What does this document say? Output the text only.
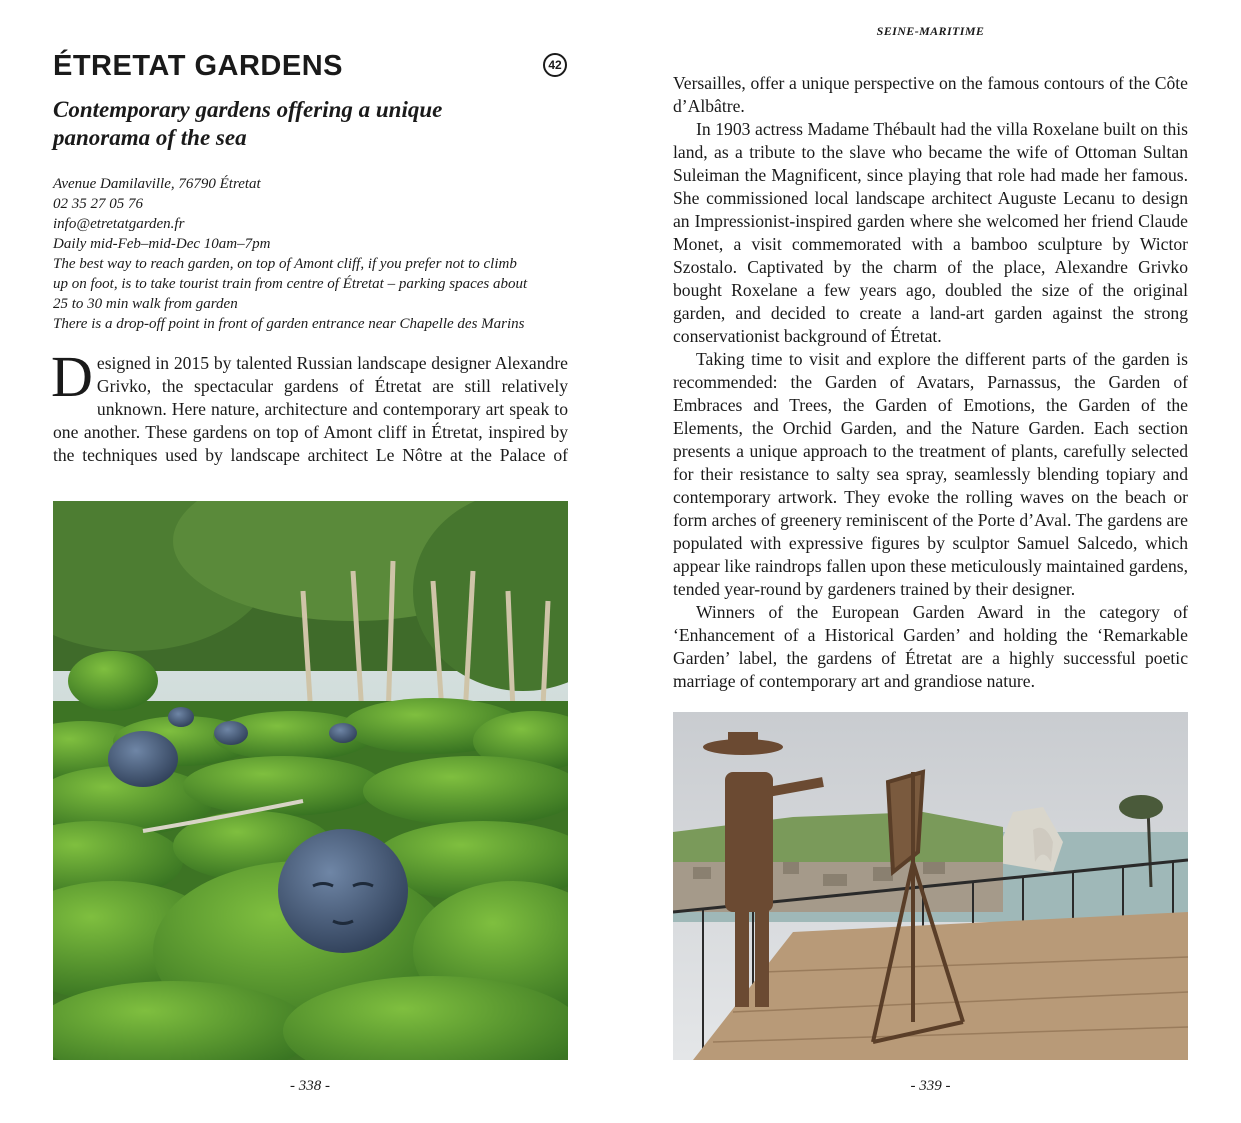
ÉTRETAT GARDENS	42
Contemporary gardens offering a unique panorama of the sea
Avenue Damilaville, 76790 Étretat
02 35 27 05 76
info@etretatgarden.fr
Daily mid-Feb–mid-Dec 10am–7pm
The best way to reach garden, on top of Amont cliff, if you prefer not to climb
up on foot, is to take tourist train from centre of Étretat – parking spaces about
25 to 30 min walk from garden
There is a drop-off point in front of garden entrance near Chapelle des Marins

Designed in 2015 by talented Russian landscape designer Alexandre Grivko, the spectacular gardens of Étretat are still relatively unknown. Here nature, architecture and contemporary art speak to one another. These gardens on top of Amont cliff in Étretat, inspired by the techniques used by landscape architect Le Nôtre at the Palace of

- 338 -
SEINE-MARITIME

Versailles, offer a unique perspective on the famous contours of the Côte d’Albâtre.

In 1903 actress Madame Thébault had the villa Roxelane built on this land, as a tribute to the slave who became the wife of Ottoman Sultan Suleiman the Magnificent, since playing that role had made her famous. She commissioned local landscape architect Auguste Lecanu to design an Impressionist-inspired garden where she welcomed her friend Claude Monet, a visit commemorated with a bamboo sculpture by Wictor Szostalo. Captivated by the charm of the place, Alexandre Grivko bought Roxelane a few years ago, doubled the size of the original garden, and decided to create a land-art garden against the strong conservationist background of Étretat.

Taking time to visit and explore the different parts of the garden is recommended: the Garden of Avatars, Parnassus, the Garden of Embraces and Trees, the Garden of Emotions, the Garden of the Elements, the Orchid Garden, and the Nature Garden. Each section presents a unique approach to the treatment of plants, carefully selected for their resistance to salty sea spray, seamlessly blending topiary and contemporary artwork. They evoke the rolling waves on the beach or form arches of greenery reminiscent of the Porte d’Aval. The gardens are populated with expressive figures by sculptor Samuel Salcedo, which appear like raindrops fallen upon these meticulously maintained gardens, tended year-round by gardeners trained by their designer.

Winners of the European Garden Award in the category of ‘Enhancement of a Historical Garden’ and holding the ‘Remarkable Garden’ label, the gardens of Étretat are a highly successful poetic marriage of contemporary art and grandiose nature.

- 339 -
